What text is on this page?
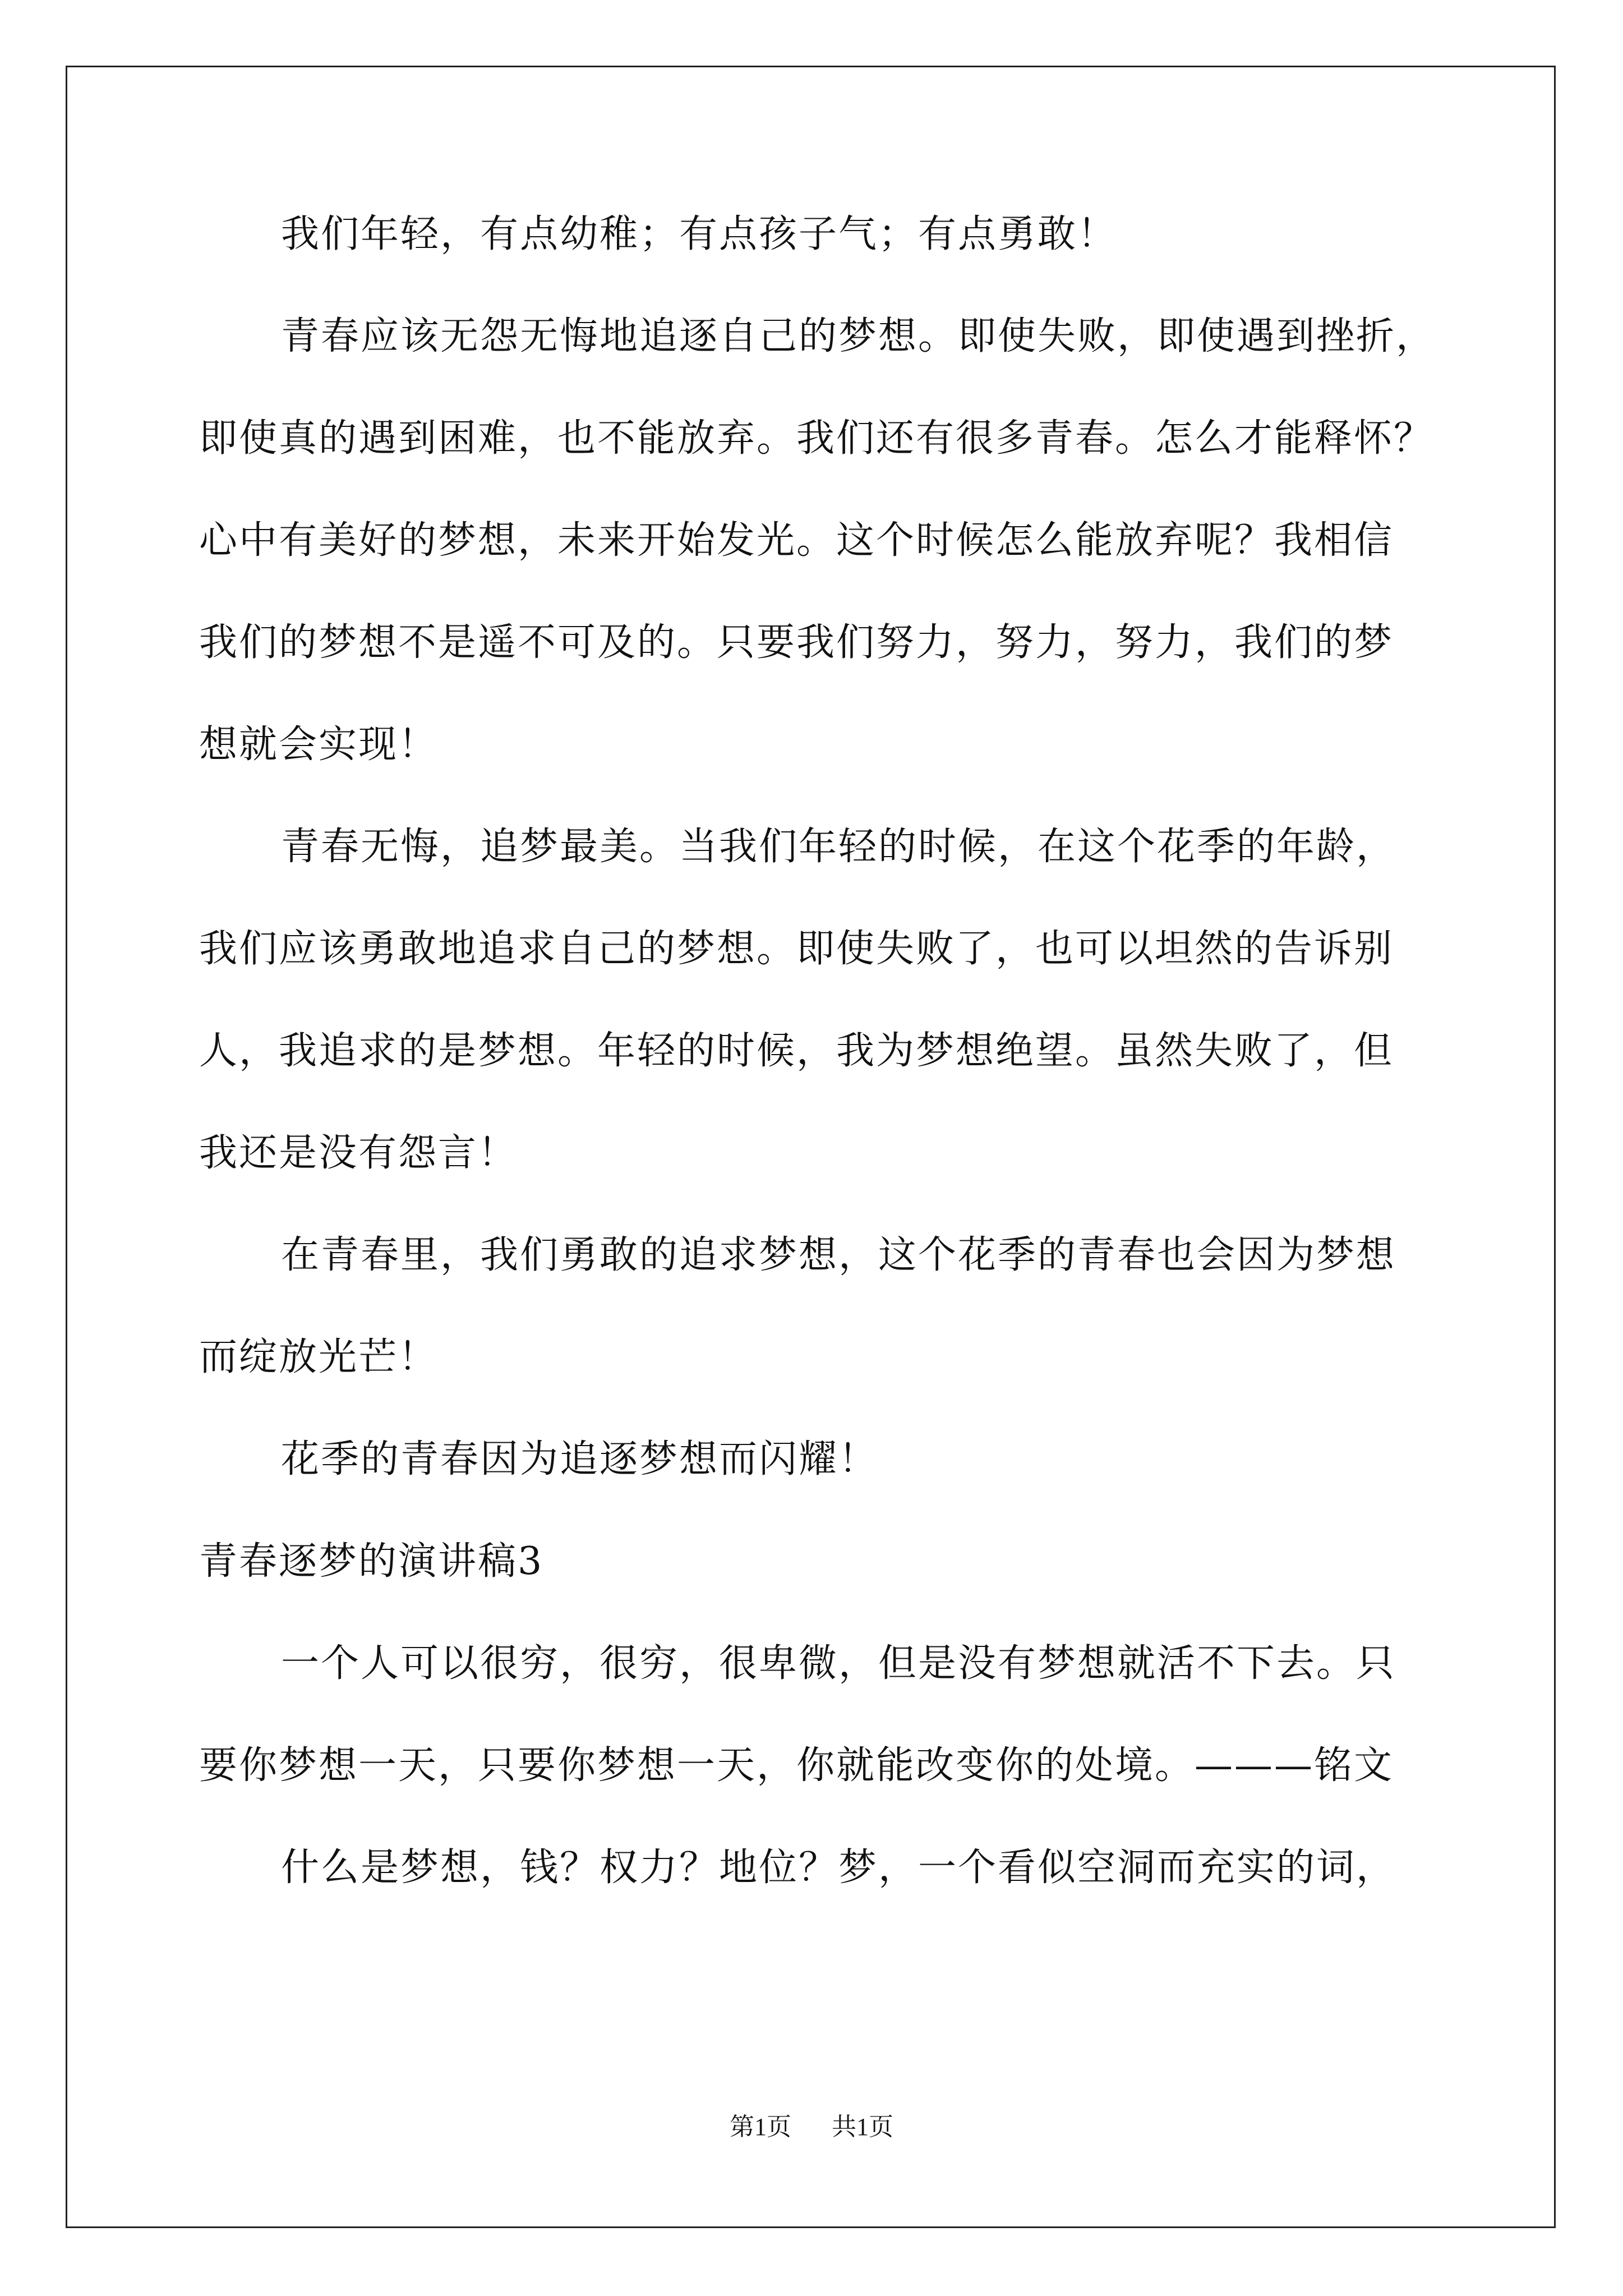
我们年轻，有点幼稚；有点孩子气；有点勇敢！
青春应该无怨无悔地追逐自己的梦想。即使失败，即使遇到挫折，
即使真的遇到困难，也不能放弃。我们还有很多青春。怎么才能释怀？
心中有美好的梦想，未来开始发光。这个时候怎么能放弃呢？我相信
我们的梦想不是遥不可及的。只要我们努力，努力，努力，我们的梦
想就会实现！
青春无悔，追梦最美。当我们年轻的时候，在这个花季的年龄，
我们应该勇敢地追求自己的梦想。即使失败了，也可以坦然的告诉别
人，我追求的是梦想。年轻的时候，我为梦想绝望。虽然失败了，但
我还是没有怨言！
在青春里，我们勇敢的追求梦想，这个花季的青春也会因为梦想
而绽放光芒！
花季的青春因为追逐梦想而闪耀！
青春逐梦的演讲稿3
一个人可以很穷，很穷，很卑微，但是没有梦想就活不下去。只
要你梦想一天，只要你梦想一天，你就能改变你的处境。———铭文
什么是梦想，钱？权力？地位？梦，一个看似空洞而充实的词，
第1页 共1页
